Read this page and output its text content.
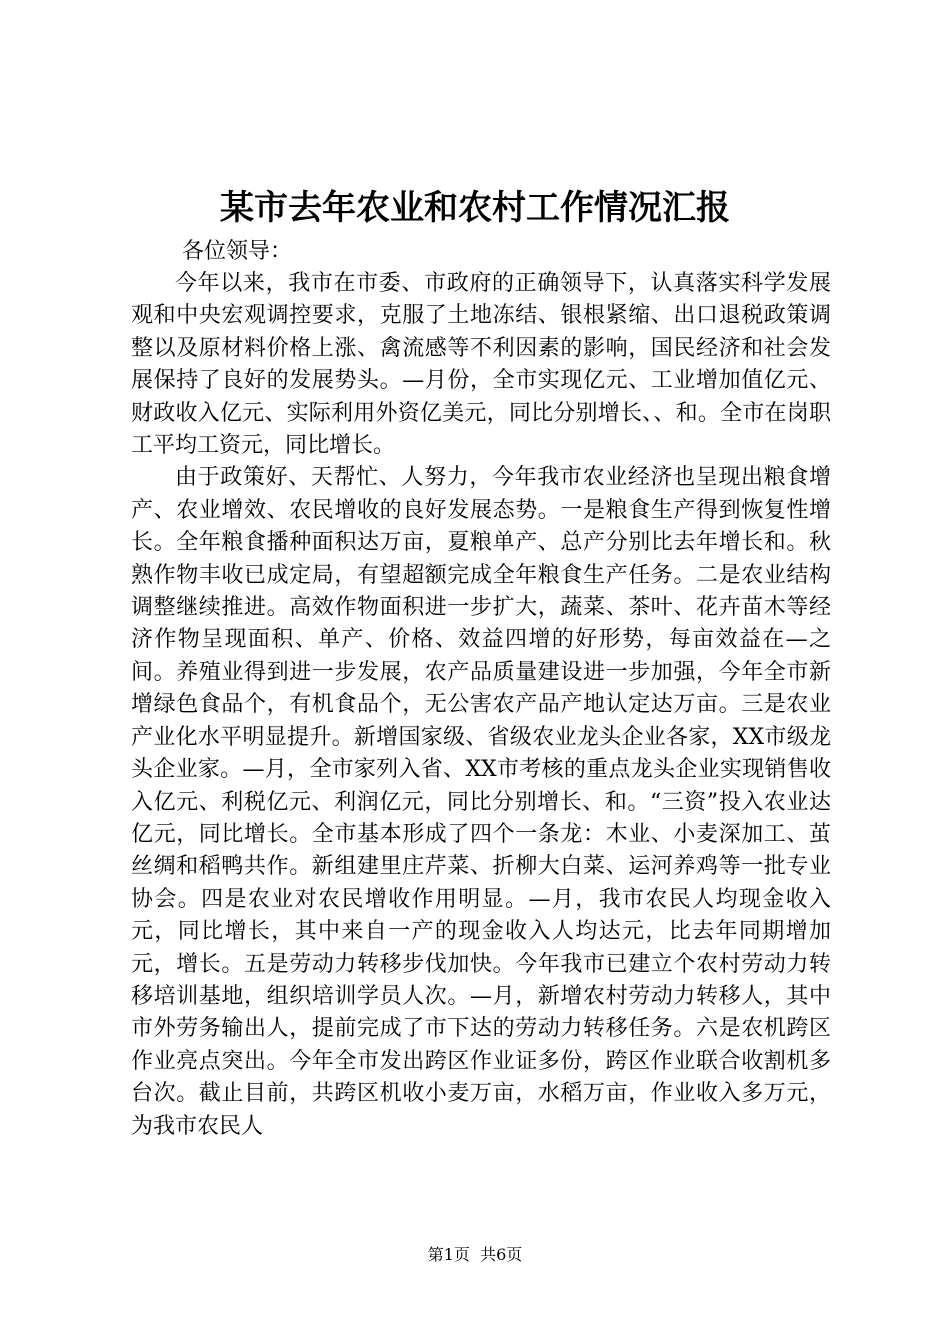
某市去年农业和农村工作情况汇报

各位领导：

今年以来，我市在市委、市政府的正确领导下，认真落实科学发展观和中央宏观调控要求，克服了土地冻结、银根紧缩、出口退税政策调整以及原材料价格上涨、禽流感等不利因素的影响，国民经济和社会发展保持了良好的发展势头。—月份，全市实现亿元、工业增加值亿元、财政收入亿元、实际利用外资亿美元，同比分别增长、、和。全市在岗职工平均工资元，同比增长。

由于政策好、天帮忙、人努力，今年我市农业经济也呈现出粮食增产、农业增效、农民增收的良好发展态势。一是粮食生产得到恢复性增长。全年粮食播种面积达万亩，夏粮单产、总产分别比去年增长和。秋熟作物丰收已成定局，有望超额完成全年粮食生产任务。二是农业结构调整继续推进。高效作物面积进一步扩大，蔬菜、茶叶、花卉苗木等经济作物呈现面积、单产、价格、效益四增的好形势，每亩效益在—之间。养殖业得到进一步发展，农产品质量建设进一步加强，今年全市新增绿色食品个，有机食品个，无公害农产品产地认定达万亩。三是农业产业化水平明显提升。新增国家级、省级农业龙头企业各家，XX市级龙头企业家。—月，全市家列入省、XX市考核的重点龙头企业实现销售收入亿元、利税亿元、利润亿元，同比分别增长、和。“三资”投入农业达亿元，同比增长。全市基本形成了四个一条龙：木业、小麦深加工、茧丝绸和稻鸭共作。新组建里庄芹菜、折柳大白菜、运河养鸡等一批专业协会。四是农业对农民增收作用明显。—月，我市农民人均现金收入元，同比增长，其中来自一产的现金收入人均达元，比去年同期增加元，增长。五是劳动力转移步伐加快。今年我市已建立个农村劳动力转移培训基地，组织培训学员人次。—月，新增农村劳动力转移人，其中市外劳务输出人，提前完成了市下达的劳动力转移任务。六是农机跨区作业亮点突出。今年全市发出跨区作业证多份，跨区作业联合收割机多台次。截止目前，共跨区机收小麦万亩，水稻万亩，作业收入多万元，为我市农民人

第1页 共6页
